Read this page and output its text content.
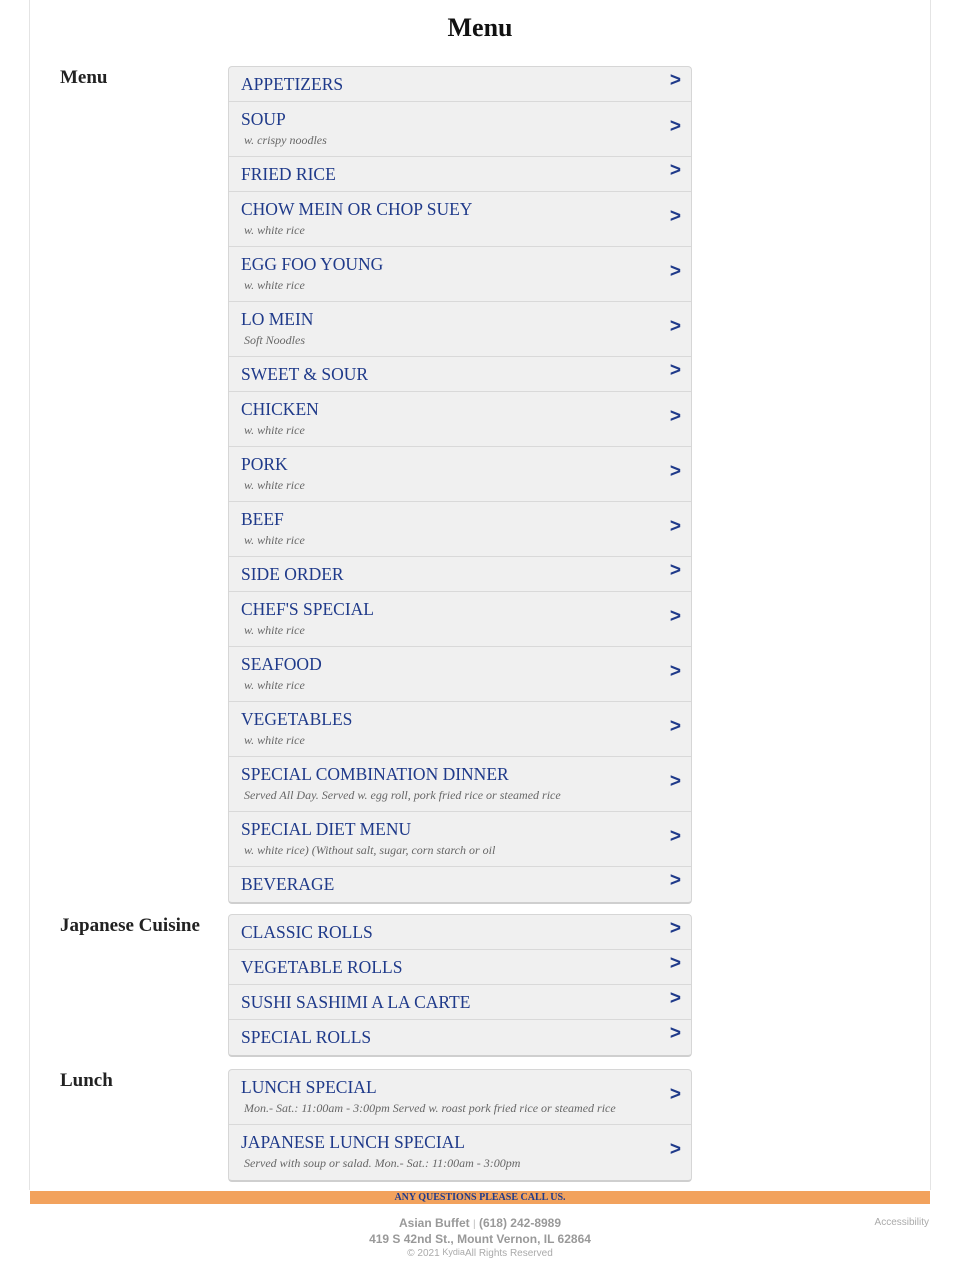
Menu
Menu	APPETIZERS	>
SOUP
w. crispy noodles
>
FRIED RICE	>
CHOW MEIN OR CHOP SUEY
w. white rice
>
EGG FOO YOUNG
w. white rice
>
LO MEIN
Soft Noodles
>
SWEET & SOUR	>
CHICKEN
w. white rice
>
PORK
w. white rice
>
BEEF
w. white rice
>
SIDE ORDER	>
CHEF'S SPECIAL
w. white rice
>
SEAFOOD
w. white rice
>
VEGETABLES
w. white rice
>
SPECIAL COMBINATION DINNER
Served All Day. Served w. egg roll, pork fried rice or steamed rice
>
SPECIAL DIET MENU
w. white rice) (Without salt, sugar, corn starch or oil
>
BEVERAGE	>
Japanese Cuisine CLASSIC ROLLS	>
VEGETABLE ROLLS	>
SUSHI SASHIMI A LA CARTE	>
SPECIAL ROLLS	>
Lunch	LUNCH SPECIAL
Mon.- Sat.: 11:00am - 3:00pm Served w. roast pork fried rice or steamed rice
>
JAPANESE LUNCH SPECIAL
Served with soup or salad. Mon.- Sat.: 11:00am - 3:00pm
>
ANY QUESTIONS PLEASE CALL US.
Asian Buffet | (618) 242-8989
419 S 42nd St., Mount Vernon, IL 62864
© 2021 KydiaAll Rights Reserved
Accessibility
